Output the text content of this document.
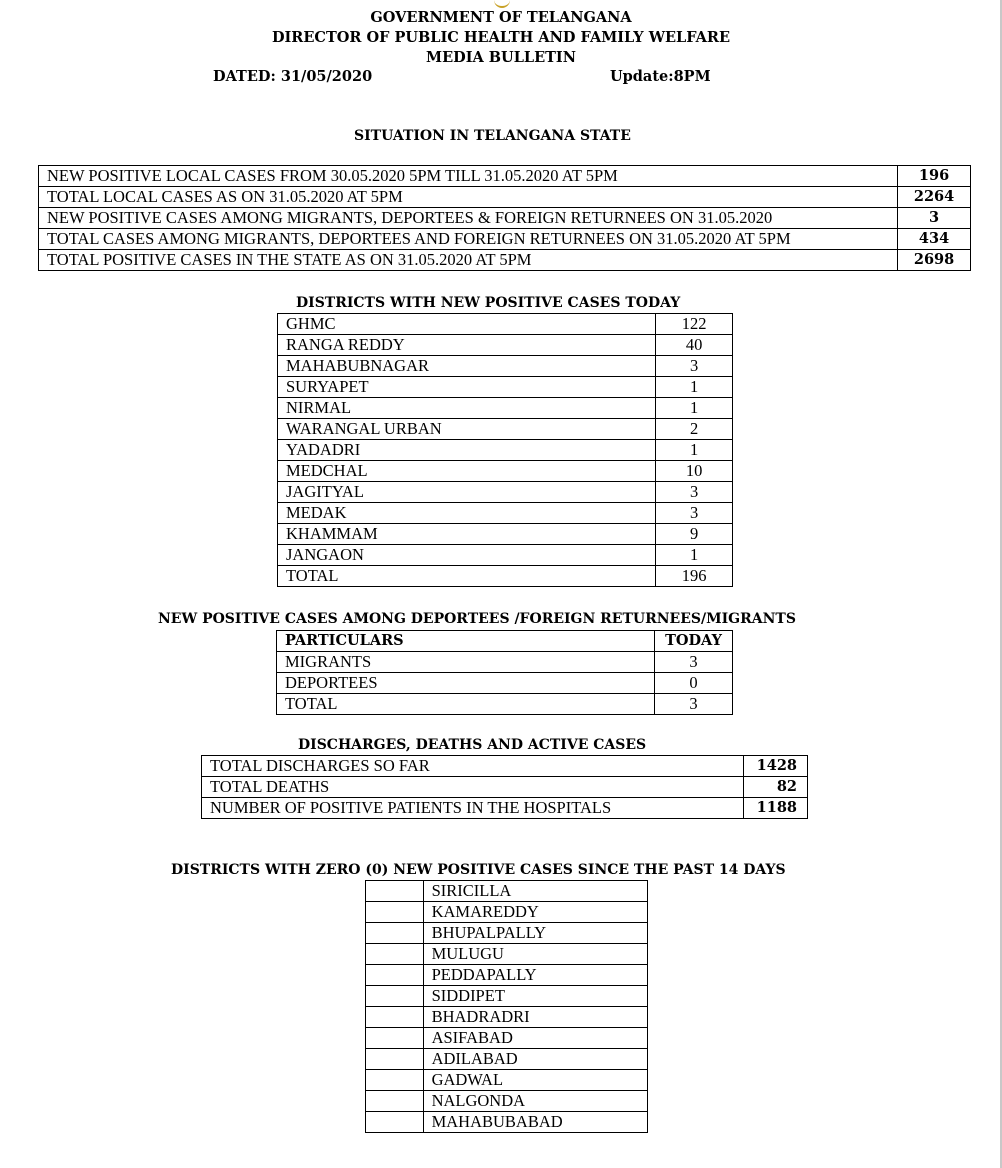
GOVERNMENT OF TELANGANA
DIRECTOR OF PUBLIC HEALTH AND FAMILY WELFARE
MEDIA BULLETIN
DATED: 31/05/2020	Update:8PM
SITUATION IN TELANGANA STATE
NEW POSITIVE LOCAL CASES FROM 30.05.2020 5PM TILL 31.05.2020 AT 5PM	196
TOTAL LOCAL CASES AS ON 31.05.2020 AT 5PM	2264
NEW POSITIVE CASES AMONG MIGRANTS, DEPORTEES & FOREIGN RETURNEES ON 31.05.2020	3
TOTAL CASES AMONG MIGRANTS, DEPORTEES AND FOREIGN RETURNEES ON 31.05.2020 AT 5PM	434
TOTAL POSITIVE CASES IN THE STATE AS ON 31.05.2020 AT 5PM	2698
DISTRICTS WITH NEW POSITIVE CASES TODAY
GHMC	122
RANGA REDDY	40
MAHABUBNAGAR	3
SURYAPET	1
NIRMAL	1
WARANGAL URBAN	2
YADADRI	1
MEDCHAL	10
JAGITYAL	3
MEDAK	3
KHAMMAM	9
JANGAON	1
TOTAL	196
NEW POSITIVE CASES AMONG DEPORTEES /FOREIGN RETURNEES/MIGRANTS
PARTICULARS	TODAY
MIGRANTS	3
DEPORTEES	0
TOTAL	3
DISCHARGES, DEATHS AND ACTIVE CASES
TOTAL DISCHARGES SO FAR	1428
TOTAL DEATHS	82
NUMBER OF POSITIVE PATIENTS IN THE HOSPITALS	1188
DISTRICTS WITH ZERO (0) NEW POSITIVE CASES SINCE THE PAST 14 DAYS
	SIRICILLA
	KAMAREDDY
	BHUPALPALLY
	MULUGU
	PEDDAPALLY
	SIDDIPET
	BHADRADRI
	ASIFABAD
	ADILABAD
	GADWAL
	NALGONDA
	MAHABUBABAD
